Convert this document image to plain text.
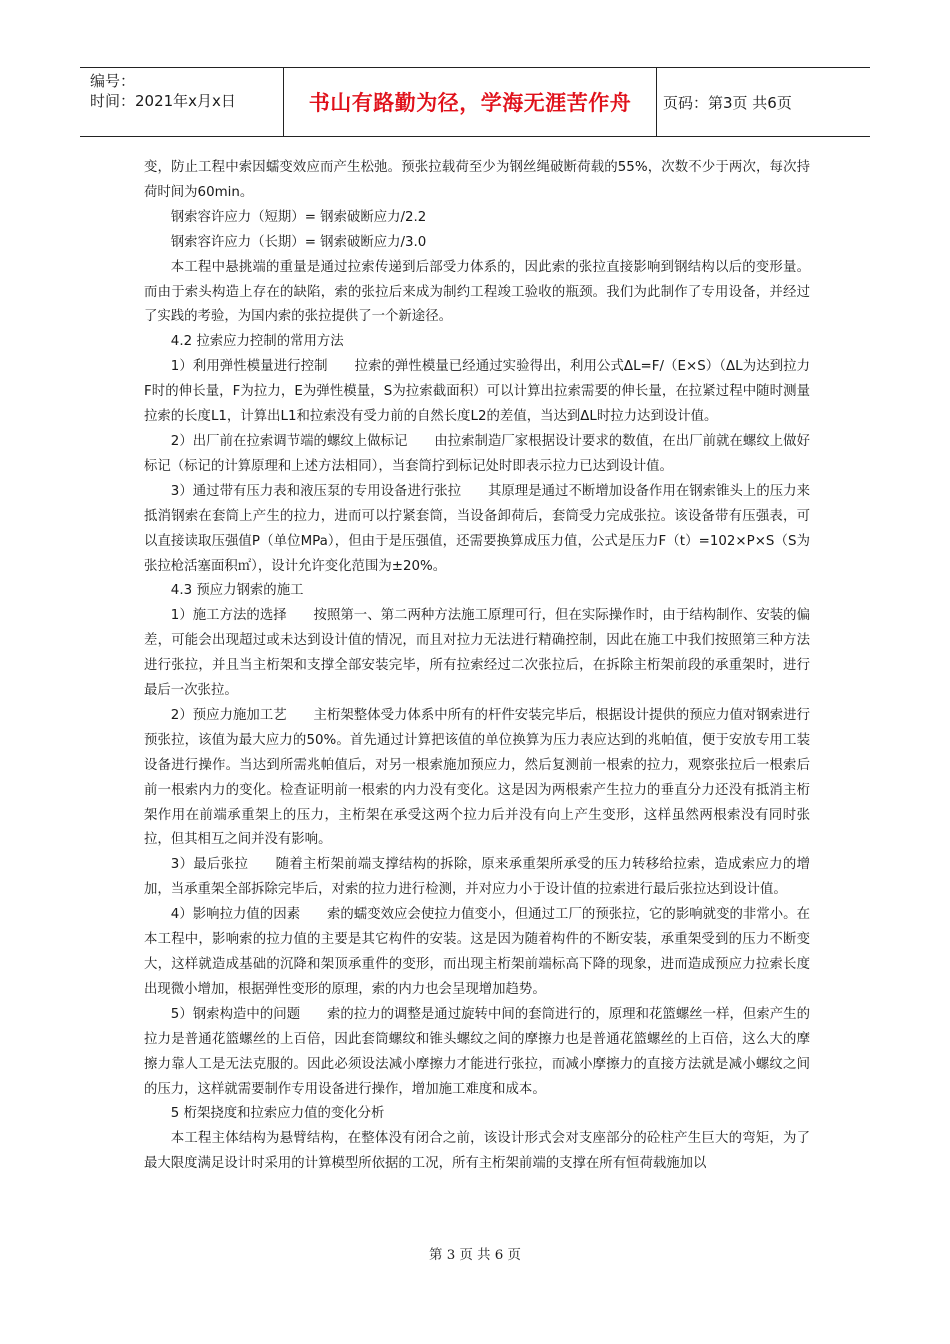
编号：
时间：2021年x月x日	书山有路勤为径，学海无涯苦作舟 页码：第3页 共6页

变，防止工程中索因蠕变效应而产生松弛。预张拉载荷至少为钢丝绳破断荷载的55%，次数不少于两次，每次持荷时间为60min。

钢索容许应力（短期）= 钢索破断应力/2.2

钢索容许应力（长期）= 钢索破断应力/3.0

本工程中悬挑端的重量是通过拉索传递到后部受力体系的，因此索的张拉直接影响到钢结构以后的变形量。而由于索头构造上存在的缺陷，索的张拉后来成为制约工程竣工验收的瓶颈。我们为此制作了专用设备，并经过了实践的考验，为国内索的张拉提供了一个新途径。

4.2 拉索应力控制的常用方法

1）利用弹性模量进行控制　　拉索的弹性模量已经通过实验得出，利用公式ΔL=F/（E×S）（ΔL为达到拉力F时的伸长量，F为拉力，E为弹性模量，S为拉索截面积）可以计算出拉索需要的伸长量，在拉紧过程中随时测量拉索的长度L1，计算出L1和拉索没有受力前的自然长度L2的差值，当达到ΔL时拉力达到设计值。

2）出厂前在拉索调节端的螺纹上做标记　　由拉索制造厂家根据设计要求的数值，在出厂前就在螺纹上做好标记（标记的计算原理和上述方法相同），当套筒拧到标记处时即表示拉力已达到设计值。

3）通过带有压力表和液压泵的专用设备进行张拉　　其原理是通过不断增加设备作用在钢索锥头上的压力来抵消钢索在套筒上产生的拉力，进而可以拧紧套筒，当设备卸荷后，套筒受力完成张拉。该设备带有压强表，可以直接读取压强值P（单位MPa），但由于是压强值，还需要换算成压力值，公式是压力F（t）=102×P×S（S为张拉枪活塞面积㎡），设计允许变化范围为±20%。

4.3 预应力钢索的施工

1）施工方法的选择　　按照第一、第二两种方法施工原理可行，但在实际操作时，由于结构制作、安装的偏差，可能会出现超过或未达到设计值的情况，而且对拉力无法进行精确控制，因此在施工中我们按照第三种方法进行张拉，并且当主桁架和支撑全部安装完毕，所有拉索经过二次张拉后，在拆除主桁架前段的承重架时，进行最后一次张拉。

2）预应力施加工艺　　主桁架整体受力体系中所有的杆件安装完毕后，根据设计提供的预应力值对钢索进行预张拉，该值为最大应力的50%。首先通过计算把该值的单位换算为压力表应达到的兆帕值，便于安放专用工装设备进行操作。当达到所需兆帕值后，对另一根索施加预应力，然后复测前一根索的拉力，观察张拉后一根索后前一根索内力的变化。检查证明前一根索的内力没有变化。这是因为两根索产生拉力的垂直分力还没有抵消主桁架作用在前端承重架上的压力，主桁架在承受这两个拉力后并没有向上产生变形，这样虽然两根索没有同时张拉，但其相互之间并没有影响。

3）最后张拉　　随着主桁架前端支撑结构的拆除，原来承重架所承受的压力转移给拉索，造成索应力的增加，当承重架全部拆除完毕后，对索的拉力进行检测，并对应力小于设计值的拉索进行最后张拉达到设计值。

4）影响拉力值的因素　　索的蠕变效应会使拉力值变小，但通过工厂的预张拉，它的影响就变的非常小。在本工程中，影响索的拉力值的主要是其它构件的安装。这是因为随着构件的不断安装，承重架受到的压力不断变大，这样就造成基础的沉降和架顶承重件的变形，而出现主桁架前端标高下降的现象，进而造成预应力拉索长度出现微小增加，根据弹性变形的原理，索的内力也会呈现增加趋势。

5）钢索构造中的问题　　索的拉力的调整是通过旋转中间的套筒进行的，原理和花篮螺丝一样，但索产生的拉力是普通花篮螺丝的上百倍，因此套筒螺纹和锥头螺纹之间的摩擦力也是普通花篮螺丝的上百倍，这么大的摩擦力靠人工是无法克服的。因此必须设法减小摩擦力才能进行张拉，而减小摩擦力的直接方法就是减小螺纹之间的压力，这样就需要制作专用设备进行操作，增加施工难度和成本。

5 桁架挠度和拉索应力值的变化分析

本工程主体结构为悬臂结构，在整体没有闭合之前，该设计形式会对支座部分的砼柱产生巨大的弯矩，为了最大限度满足设计时采用的计算模型所依据的工况，所有主桁架前端的支撑在所有恒荷载施加以

第 3 页 共 6 页
